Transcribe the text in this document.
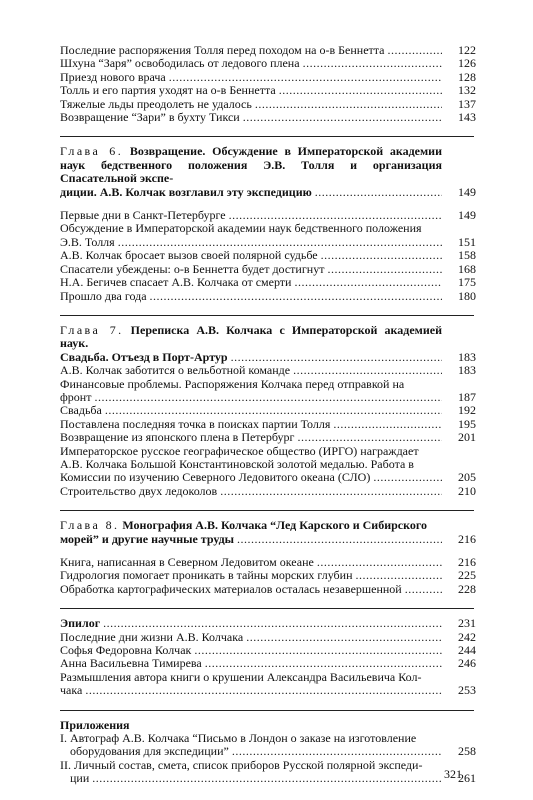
Последние распоряжения Толля перед походом на о-в Беннетта .....	122
Шхуна “Заря” освободилась от ледового плена .....	126
Приезд нового врача .....	128
Толль и его партия уходят на о-в Беннетта .....	132
Тяжелые льды преодолеть не удалось .....	137
Возвращение “Зари” в бухту Тикси .....	143
Глава 6. Возвращение. Обсуждение в Императорской академии наук бедственного положения Э.В. Толля и организация Спасательной экспе-
диции. А.В. Колчак возглавил эту экспедицию .....	149
Первые дни в Санкт-Петербурге .....	149
Обсуждение в Императорской академии наук бедственного положения
Э.В. Толля .....	151
А.В. Колчак бросает вызов своей полярной судьбе .....	158
Спасатели убеждены: о-в Беннетта будет достигнут .....	168
Н.А. Бегичев спасает А.В. Колчака от смерти .....	175
Прошло два года .....	180
Глава 7. Переписка А.В. Колчака с Императорской академией наук.
Свадьба. Отъезд в Порт-Артур .....	183
А.В. Колчак заботится о вельботной команде .....	183
Финансовые проблемы. Распоряжения Колчака перед отправкой на
фронт .....	187
Свадьба .....	192
Поставлена последняя точка в поисках партии Толля .....	195
Возвращение из японского плена в Петербург .....	201
Императорское русское географическое общество (ИРГО) награждает
А.В. Колчака Большой Константиновской золотой медалью. Работа в
Комиссии по изучению Северного Ледовитого океана (СЛО) .....	205
Строительство двух ледоколов .....	210
Глава 8. Монография А.В. Колчака “Лед Карского и Сибирского
морей” и другие научные труды .....	216
Книга, написанная в Северном Ледовитом океане .....	216
Гидрология помогает проникать в тайны морских глубин .....	225
Обработка картографических материалов осталась незавершенной .....	228
Эпилог .....	231
Последние дни жизни А.В. Колчака .....	242
Софья Федоровна Колчак .....	244
Анна Васильевна Тимирева .....	246
Размышления автора книги о крушении Александра Васильевича Кол-
чака .....	253
Приложения
I. Автограф А.В. Колчака “Письмо в Лондон о заказе на изготовление
оборудования для экспедиции” .....	258
II. Личный состав, смета, список приборов Русской полярной экспеди-
ции .....	261
321
